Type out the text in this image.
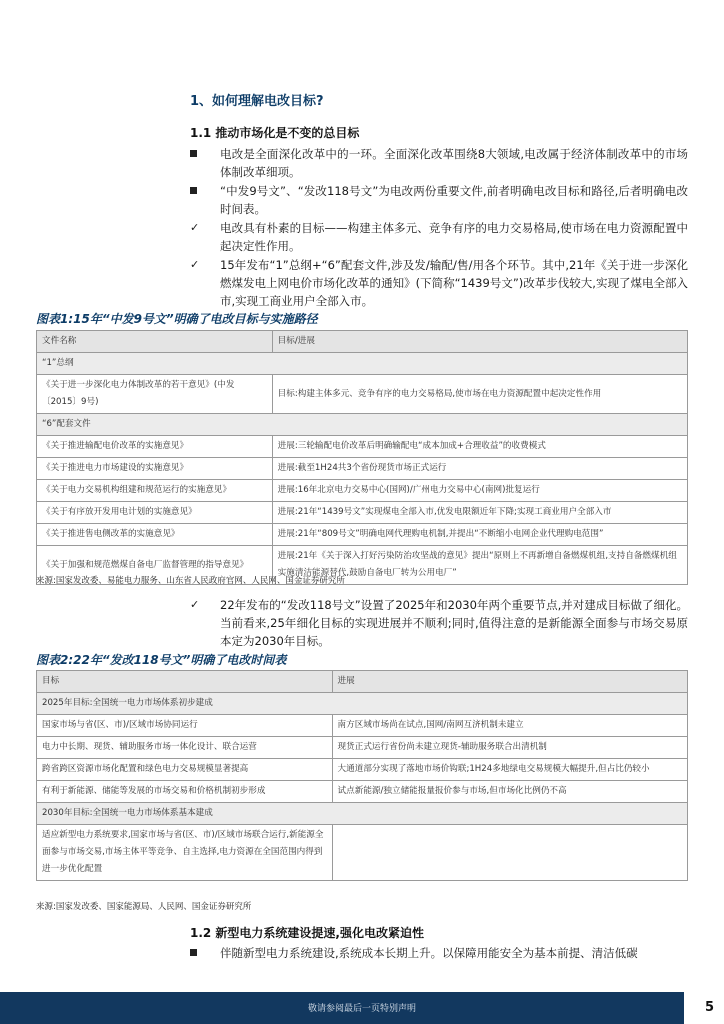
1、如何理解电改目标?
1.1 推动市场化是不变的总目标
电改是全面深化改革中的一环。全面深化改革围绕8大领域,电改属于经济体制改革中的市场体制改革细项。
“中发9号文”、“发改118号文”为电改两份重要文件,前者明确电改目标和路径,后者明确电改时间表。
✓	电改具有朴素的目标——构建主体多元、竞争有序的电力交易格局,使市场在电力资源配置中起决定性作用。
✓	15年发布“1”总纲+“6”配套文件,涉及发/输配/售/用各个环节。其中,21年《关于进一步深化燃煤发电上网电价市场化改革的通知》(下简称“1439号文”)改革步伐较大,实现了煤电全部入市,实现工商业用户全部入市。
图表1:15年“中发9号文”明确了电改目标与实施路径
文件名称	目标/进展
“1”总纲	
《关于进一步深化电力体制改革的若干意见》(中发〔2015〕9号)	目标:构建主体多元、竞争有序的电力交易格局,使市场在电力资源配置中起决定性作用
“6”配套文件	
《关于推进输配电价改革的实施意见》	进展:三轮输配电价改革后明确输配电“成本加成+合理收益”的收费模式
《关于推进电力市场建设的实施意见》	进展:截至1H24共3个省份现货市场正式运行
《关于电力交易机构组建和规范运行的实施意见》	进展:16年北京电力交易中心(国网)/广州电力交易中心(南网)批复运行
《关于有序放开发用电计划的实施意见》	进展:21年“1439号文”实现煤电全部入市,优发电限额近年下降;实现工商业用户全部入市
《关于推进售电侧改革的实施意见》	进展:21年“809号文”明确电网代理购电机制,并提出“不断缩小电网企业代理购电范围”
《关于加强和规范燃煤自备电厂监督管理的指导意见》	进展:21年《关于深入打好污染防治攻坚战的意见》提出“原则上不再新增自备燃煤机组,支持自备燃煤机组实施清洁能源替代,鼓励自备电厂转为公用电厂”
来源:国家发改委、易能电力服务、山东省人民政府官网、人民网、国金证券研究所
✓	22年发布的“发改118号文”设置了2025年和2030年两个重要节点,并对建成目标做了细化。当前看来,25年细化目标的实现进展并不顺利;同时,值得注意的是新能源全面参与市场交易原本定为2030年目标。
图表2:22年“发改118号文”明确了电改时间表
目标	进展
2025年目标:全国统一电力市场体系初步建成	
国家市场与省(区、市)/区域市场协同运行	南方区域市场尚在试点,国网/南网互济机制未建立
电力中长期、现货、辅助服务市场一体化设计、联合运营	现货正式运行省份尚未建立现货-辅助服务联合出清机制
跨省跨区资源市场化配置和绿色电力交易规模显著提高	大通道部分实现了落地市场价钩联;1H24多地绿电交易规模大幅提升,但占比仍较小
有利于新能源、储能等发展的市场交易和价格机制初步形成	试点新能源/独立储能报量报价参与市场,但市场化比例仍不高
2030年目标:全国统一电力市场体系基本建成	
适应新型电力系统要求,国家市场与省(区、市)/区域市场联合运行,新能源全面参与市场交易,市场主体平等竞争、自主选择,电力资源在全国范围内得到进一步优化配置	
来源:国家发改委、国家能源局、人民网、国金证券研究所
1.2 新型电力系统建设提速,强化电改紧迫性
伴随新型电力系统建设,系统成本长期上升。以保障用能安全为基本前提、清洁低碳
敬请参阅最后一页特别声明	5
